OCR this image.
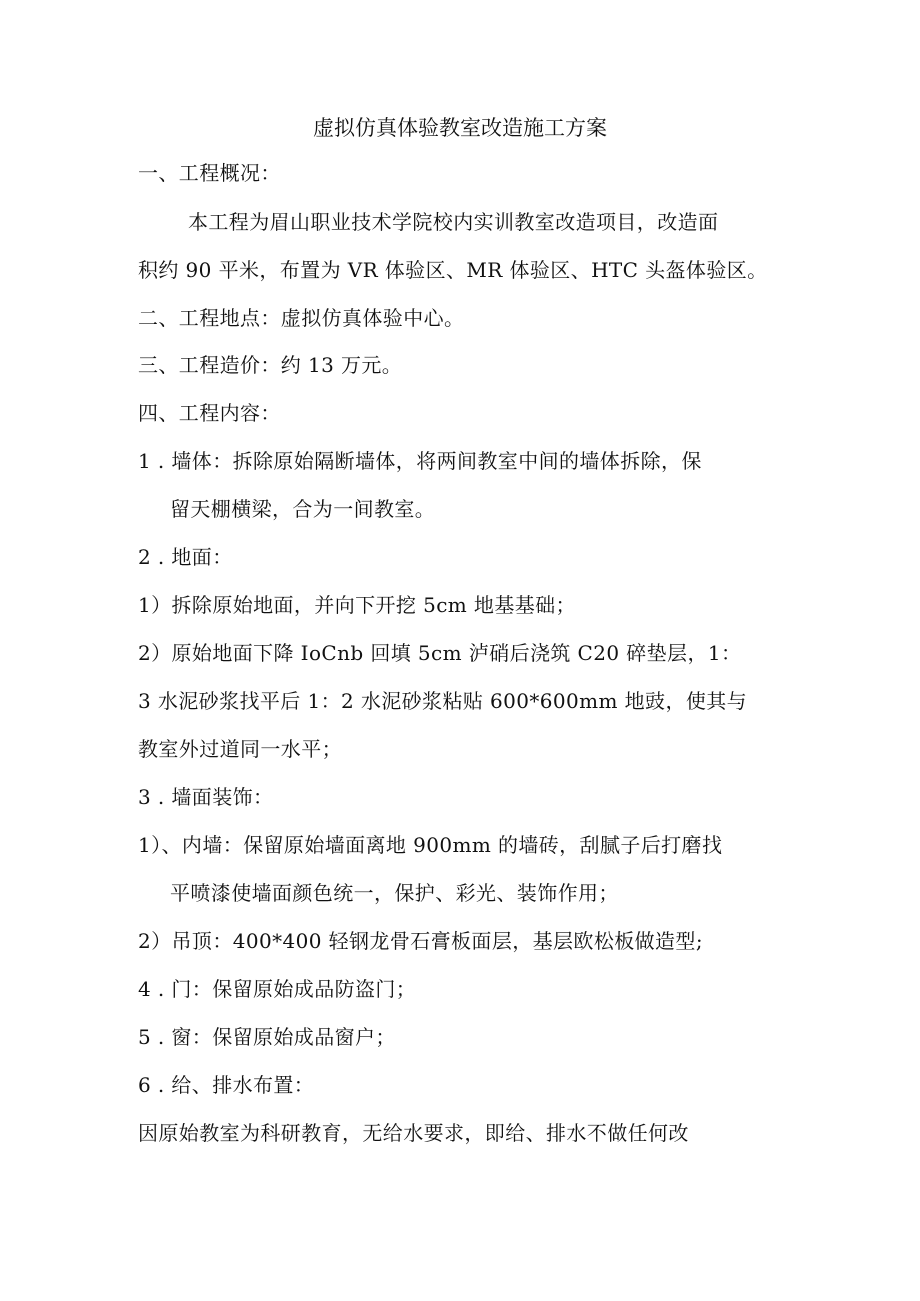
虚拟仿真体验教室改造施工方案
一、工程概况：
本工程为眉山职业技术学院校内实训教室改造项目，改造面
积约 90 平米，布置为 VR 体验区、MR 体验区、HTC 头盔体验区。
二、工程地点：虚拟仿真体验中心。
三、工程造价：约 13 万元。
四、工程内容：
1 . 墙体：拆除原始隔断墙体，将两间教室中间的墙体拆除，保
留天棚横梁，合为一间教室。
2 . 地面：
1）拆除原始地面，并向下开挖 5cm 地基基础；
2）原始地面下降 IoCnb 回填 5cm 泸硝后浇筑 C20 碎垫层，1：
3 水泥砂浆找平后 1：2 水泥砂浆粘贴 600*600mm 地豉，使其与
教室外过道同一水平；
3 . 墙面装饰：
1）、内墙：保留原始墙面离地 900mm 的墙砖，刮腻子后打磨找
平喷漆使墙面颜色统一，保护、彩光、装饰作用；
2）吊顶：400*400 轻钢龙骨石膏板面层，基层欧松板做造型;
4 . 门：保留原始成品防盗门；
5 . 窗：保留原始成品窗户；
6 . 给、排水布置：
因原始教室为科研教育，无给水要求，即给、排水不做任何改
